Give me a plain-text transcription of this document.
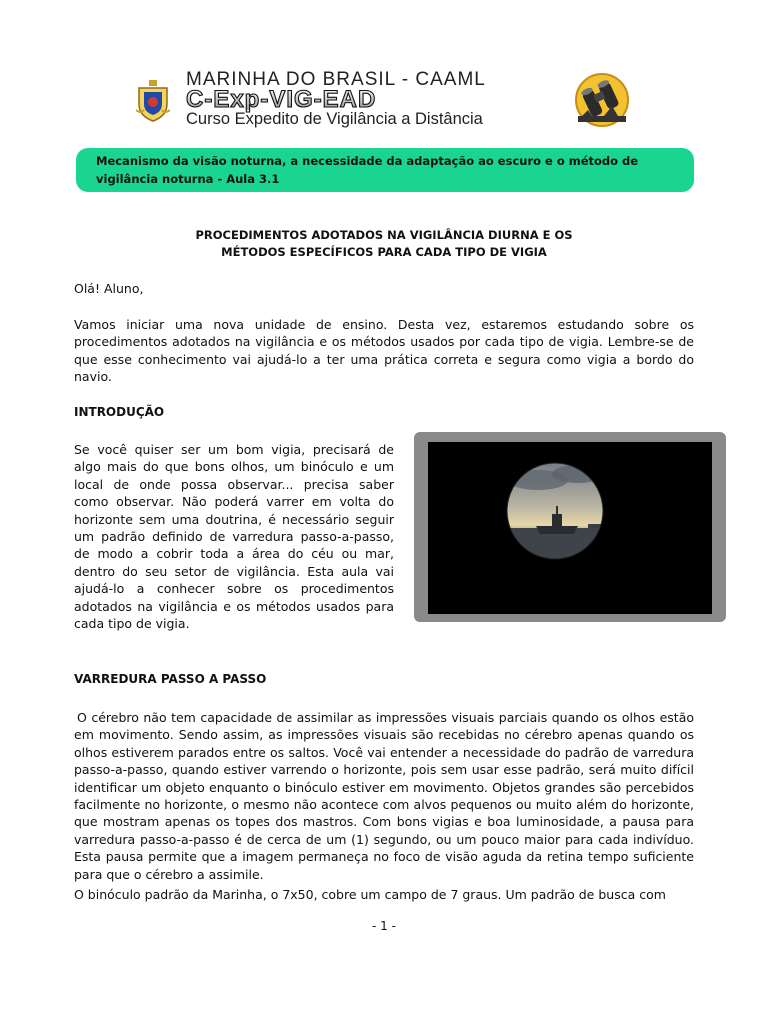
MARINHA DO BRASIL - CAAML
C-Exp-VIG-EAD
Curso Expedito de Vigilância a Distância
Mecanismo da visão noturna, a necessidade da adaptação ao escuro e o método de vigilância noturna - Aula 3.1
PROCEDIMENTOS ADOTADOS NA VIGILÂNCIA DIURNA E OS
MÉTODOS ESPECÍFICOS PARA CADA TIPO DE VIGIA

Olá! Aluno,

Vamos iniciar uma nova unidade de ensino. Desta vez, estaremos estudando sobre os procedimentos adotados na vigilância e os métodos usados por cada tipo de vigia. Lembre-se de que esse conhecimento vai ajudá-lo a ter uma prática correta e segura como vigia a bordo do navio.

INTRODUÇÃO

Se você quiser ser um bom vigia, precisará de algo mais do que bons olhos, um binóculo e um local de onde possa observar... precisa saber como observar. Não poderá varrer em volta do horizonte sem uma doutrina, é necessário seguir um padrão definido de varredura passo-a-passo, de modo a cobrir toda a área do céu ou mar, dentro do seu setor de vigilância. Esta aula vai ajudá-lo a conhecer sobre os procedimentos adotados na vigilância e os métodos usados para cada tipo de vigia.

VARREDURA PASSO A PASSO

O cérebro não tem capacidade de assimilar as impressões visuais parciais quando os olhos estão em movimento. Sendo assim, as impressões visuais são recebidas no cérebro apenas quando os olhos estiverem parados entre os saltos. Você vai entender a necessidade do padrão de varredura passo-a-passo, quando estiver varrendo o horizonte, pois sem usar esse padrão, será muito difícil identificar um objeto enquanto o binóculo estiver em movimento. Objetos grandes são percebidos facilmente no horizonte, o mesmo não acontece com alvos pequenos ou muito além do horizonte, que mostram apenas os topes dos mastros. Com bons vigias e boa luminosidade, a pausa para varredura passo-a-passo é de cerca de um (1) segundo, ou um pouco maior para cada indivíduo. Esta pausa permite que a imagem permaneça no foco de visão aguda da retina tempo suficiente para que o cérebro a assimile.

O binóculo padrão da Marinha, o 7x50, cobre um campo de 7 graus. Um padrão de busca com

- 1 -
